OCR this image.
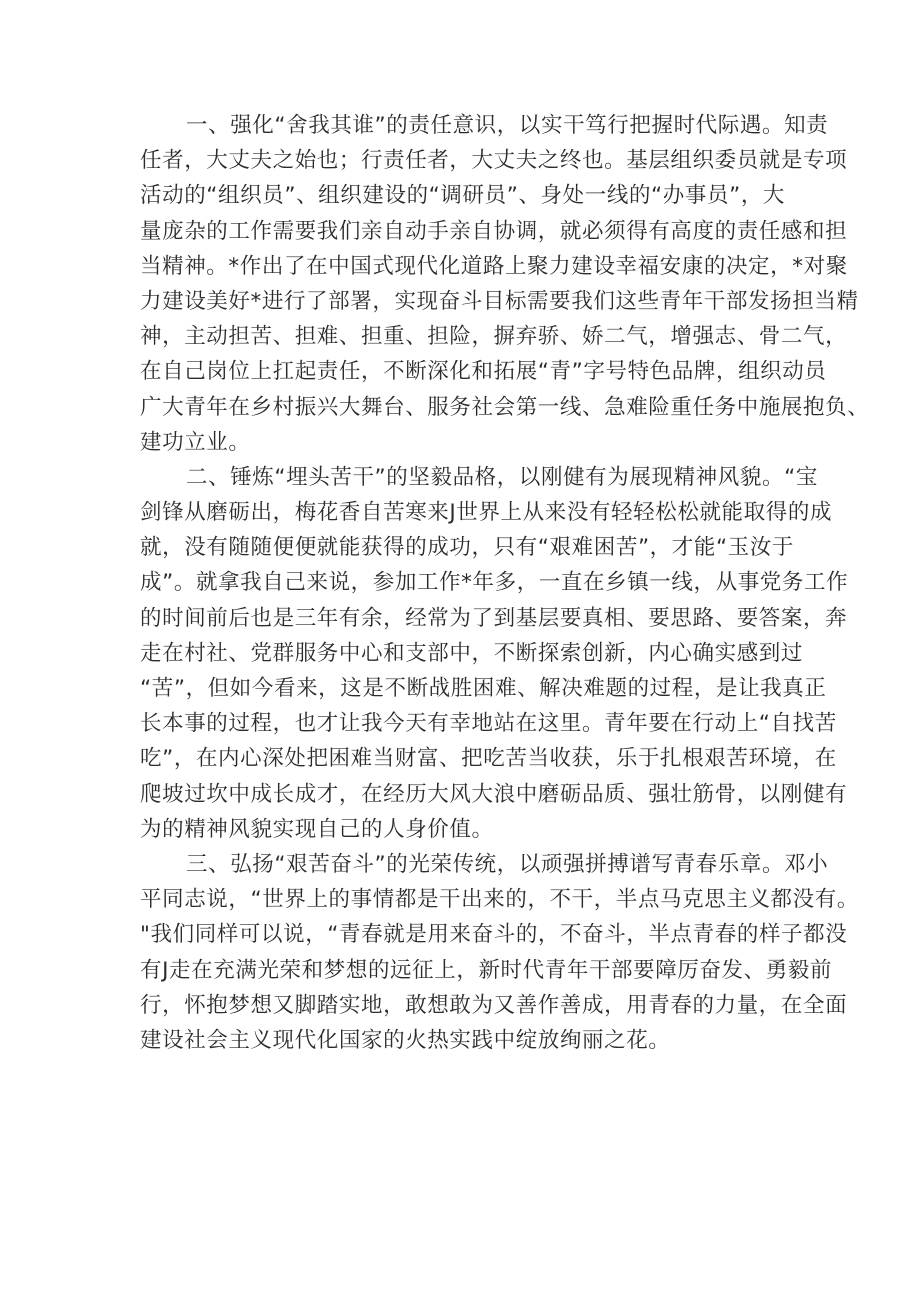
一、强化“舍我其谁”的责任意识，以实干笃行把握时代际遇。知责
任者，大丈夫之始也；行责任者，大丈夫之终也。基层组织委员就是专项
活动的“组织员”、组织建设的“调研员”、身处一线的“办事员”，大
量庞杂的工作需要我们亲自动手亲自协调，就必须得有高度的责任感和担
当精神。*作出了在中国式现代化道路上聚力建设幸福安康的决定，*对聚
力建设美好*进行了部署，实现奋斗目标需要我们这些青年干部发扬担当精
神，主动担苦、担难、担重、担险，摒弃骄、娇二气，增强志、骨二气，
在自己岗位上扛起责任，不断深化和拓展“青”字号特色品牌，组织动员
广大青年在乡村振兴大舞台、服务社会第一线、急难险重任务中施展抱负、
建功立业。
二、锤炼“埋头苦干”的坚毅品格，以刚健有为展现精神风貌。“宝
剑锋从磨砺出，梅花香自苦寒来J世界上从来没有轻轻松松就能取得的成
就，没有随随便便就能获得的成功，只有“艰难困苦”，才能“玉汝于
成”。就拿我自己来说，参加工作*年多，一直在乡镇一线，从事党务工作
的时间前后也是三年有余，经常为了到基层要真相、要思路、要答案，奔
走在村社、党群服务中心和支部中，不断探索创新，内心确实感到过
“苦”，但如今看来，这是不断战胜困难、解决难题的过程，是让我真正
长本事的过程，也才让我今天有幸地站在这里。青年要在行动上“自找苦
吃”，在内心深处把困难当财富、把吃苦当收获，乐于扎根艰苦环境，在
爬坡过坎中成长成才，在经历大风大浪中磨砺品质、强壮筋骨，以刚健有
为的精神风貌实现自己的人身价值。
三、弘扬“艰苦奋斗”的光荣传统，以顽强拼搏谱写青春乐章。邓小
平同志说，“世界上的事情都是干出来的，不干，半点马克思主义都没有。
"我们同样可以说，“青春就是用来奋斗的，不奋斗，半点青春的样子都没
有J走在充满光荣和梦想的远征上，新时代青年干部要障厉奋发、勇毅前
行，怀抱梦想又脚踏实地，敢想敢为又善作善成，用青春的力量，在全面
建设社会主义现代化国家的火热实践中绽放绚丽之花。
